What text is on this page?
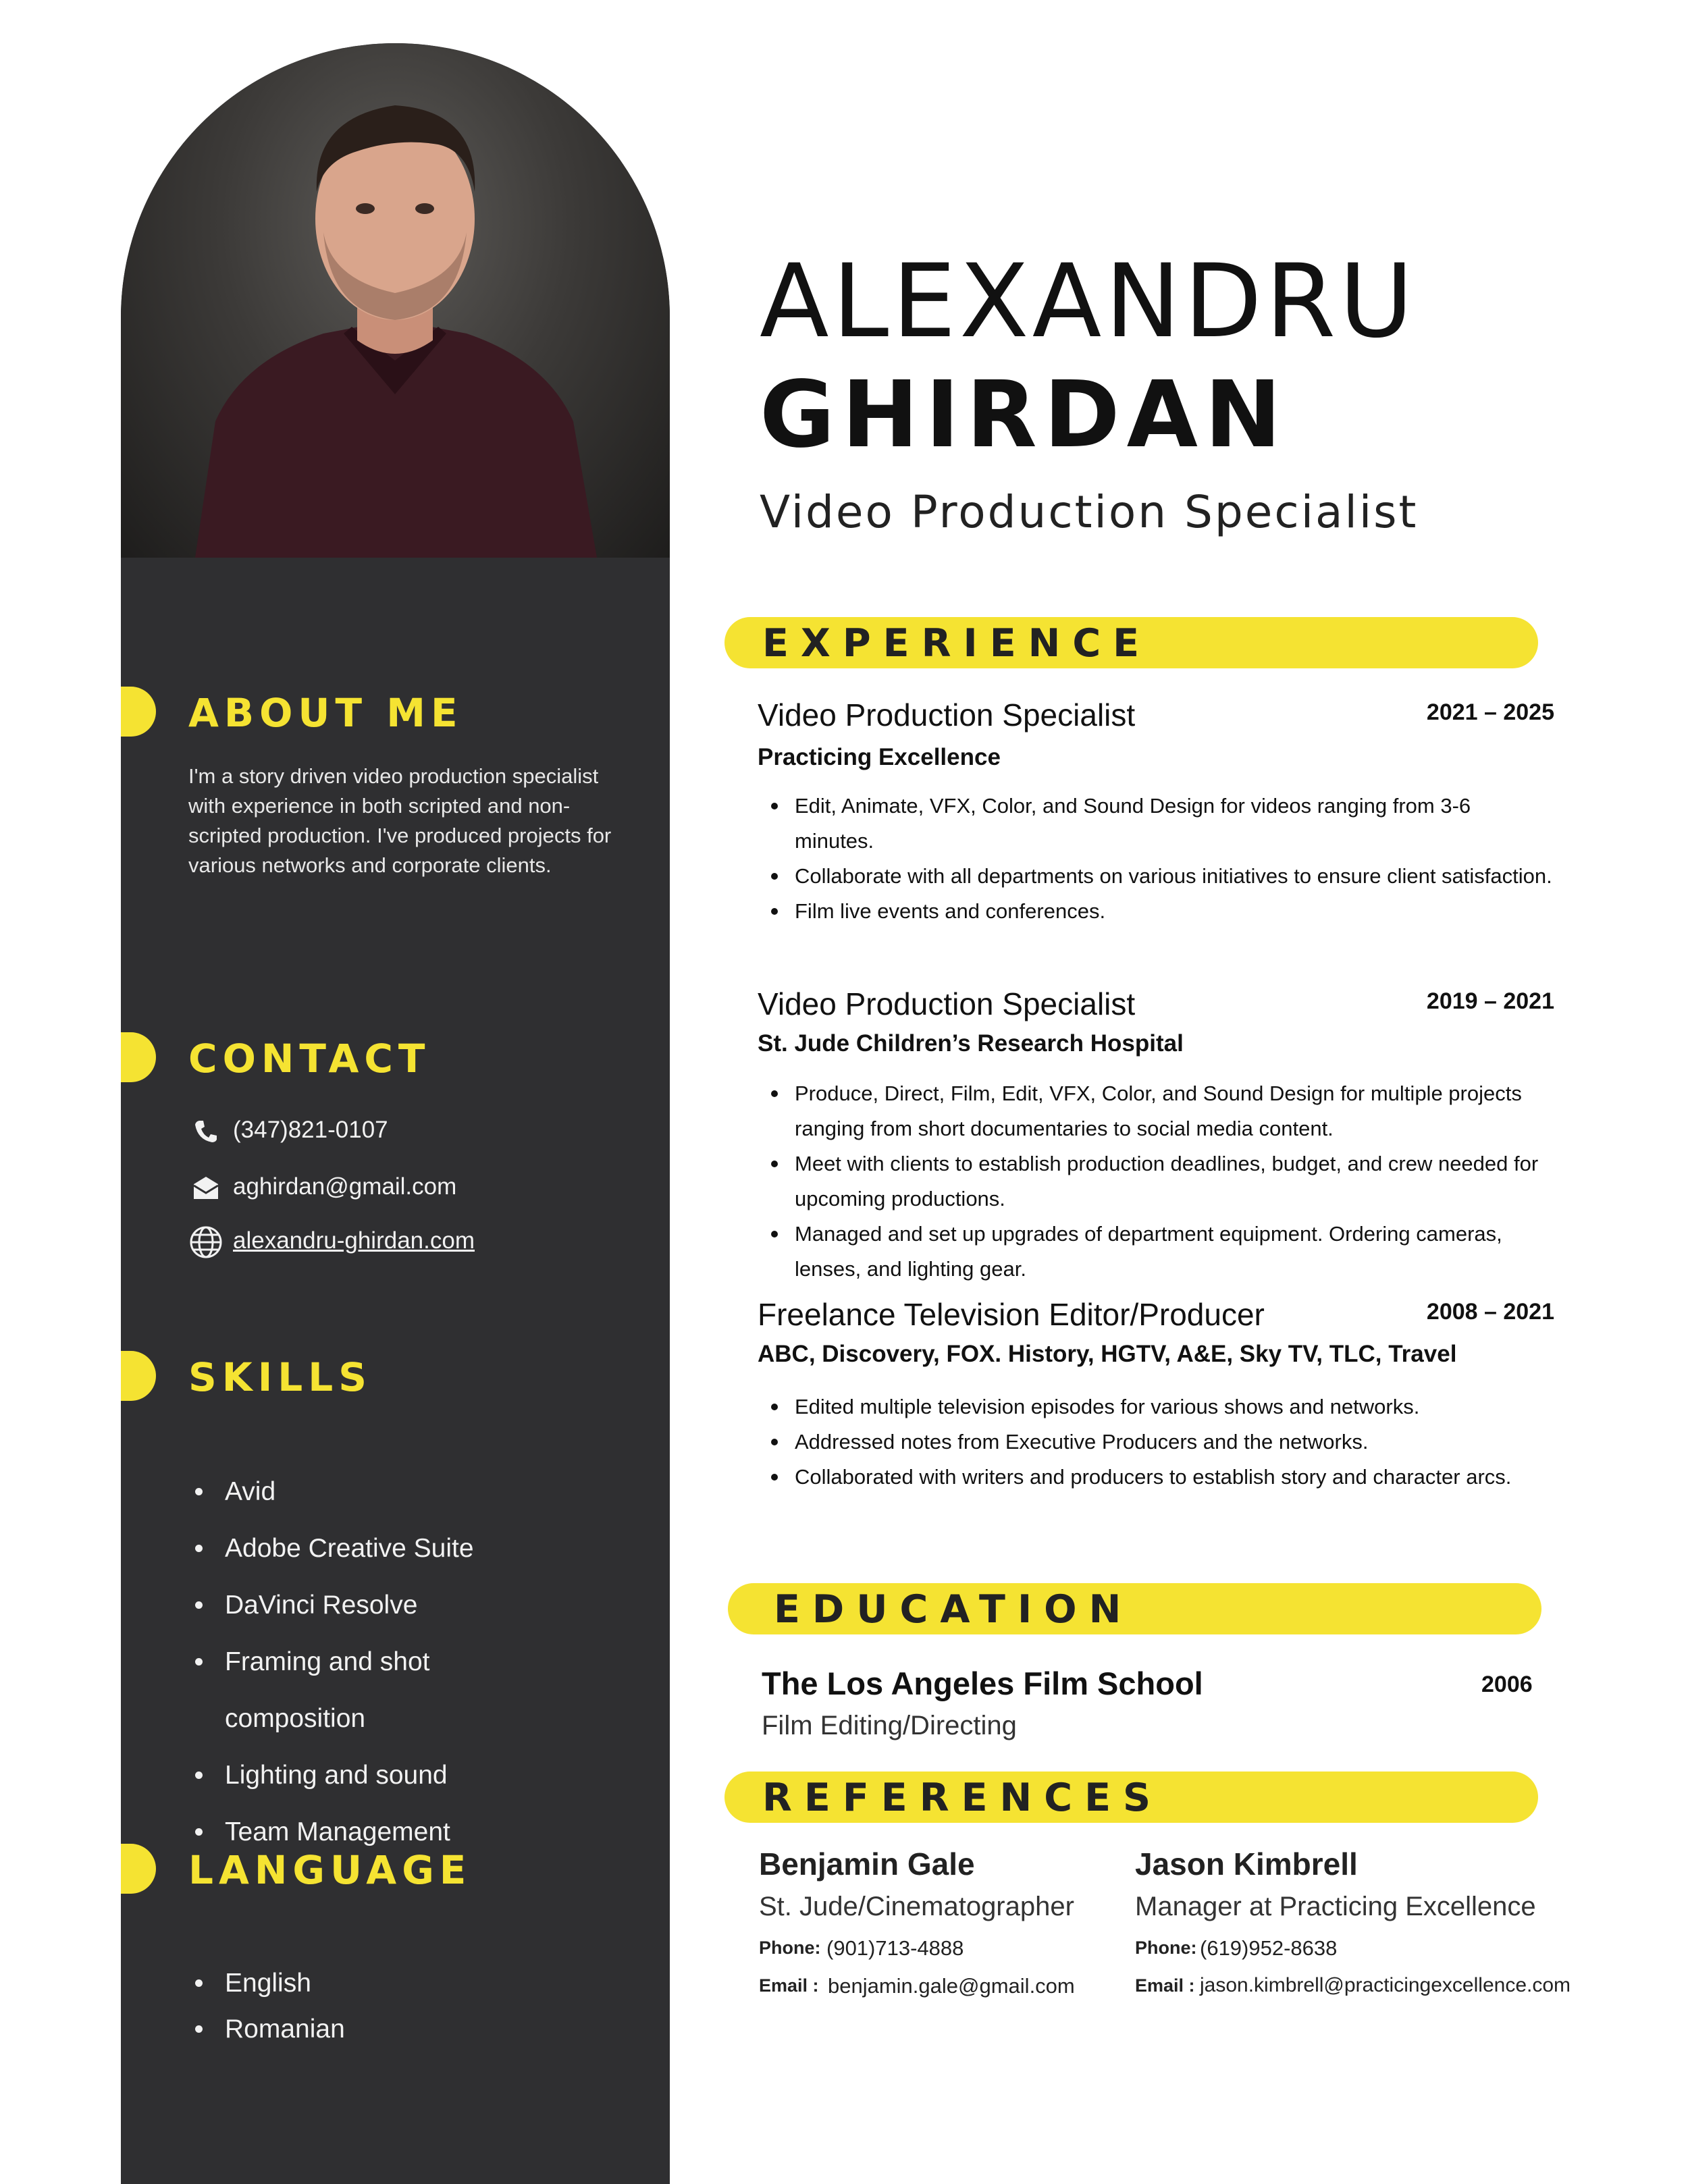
ABOUT ME
I'm a story driven video production specialist with experience in both scripted and non-scripted production. I've produced projects for various networks and corporate clients.
CONTACT
(347)821-0107
aghirdan@gmail.com
alexandru-ghirdan.com
SKILLS
Avid
Adobe Creative Suite
DaVinci Resolve
Framing and shot
composition
Lighting and sound
Team Management
LANGUAGE
English
Romanian
ALEXANDRU
GHIRDAN
Video Production Specialist
EXPERIENCE
Video Production Specialist	2021 – 2025
Practicing Excellence
Edit, Animate, VFX, Color, and Sound Design for videos ranging from 3-6 minutes.
Collaborate with all departments on various initiatives to ensure client satisfaction.
Film live events and conferences.
Video Production Specialist	2019 – 2021
St. Jude Children’s Research Hospital
Produce, Direct, Film, Edit, VFX, Color, and Sound Design for multiple projects ranging from short documentaries to social media content.
Meet with clients to establish production deadlines, budget, and crew needed for upcoming productions.
Managed and set up upgrades of department equipment. Ordering cameras, lenses, and lighting gear.
Freelance Television Editor/Producer	2008 – 2021
ABC, Discovery, FOX. History, HGTV, A&E, Sky TV, TLC, Travel
Edited multiple television episodes for various shows and networks.
Addressed notes from Executive Producers and the networks.
Collaborated with writers and producers to establish story and character arcs.
EDUCATION
The Los Angeles Film School	2006
Film Editing/Directing
REFERENCES
Benjamin Gale
St. Jude/Cinematographer
Phone: (901)713-4888
Email : benjamin.gale@gmail.com
Jason Kimbrell
Manager at Practicing Excellence
Phone: (619)952-8638
Email : jason.kimbrell@practicingexcellence.com
